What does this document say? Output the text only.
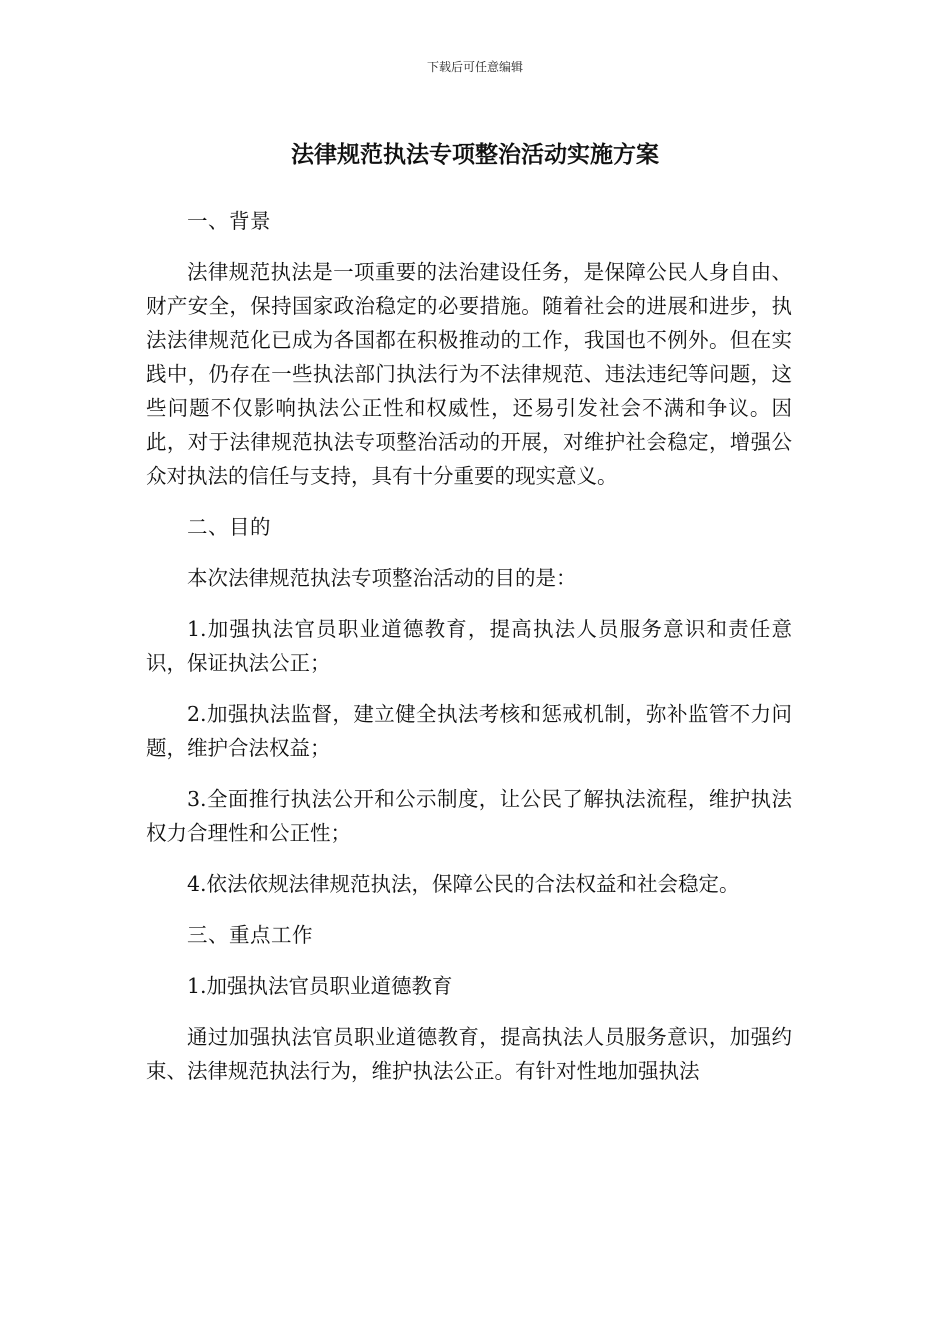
下载后可任意编辑
法律规范执法专项整治活动实施方案

一、背景

法律规范执法是一项重要的法治建设任务，是保障公民人身自由、财产安全，保持国家政治稳定的必要措施。随着社会的进展和进步，执法法律规范化已成为各国都在积极推动的工作，我国也不例外。但在实践中，仍存在一些执法部门执法行为不法律规范、违法违纪等问题，这些问题不仅影响执法公正性和权威性，还易引发社会不满和争议。因此，对于法律规范执法专项整治活动的开展，对维护社会稳定，增强公众对执法的信任与支持，具有十分重要的现实意义。

二、目的

本次法律规范执法专项整治活动的目的是：

1.加强执法官员职业道德教育，提高执法人员服务意识和责任意识，保证执法公正；

2.加强执法监督，建立健全执法考核和惩戒机制，弥补监管不力问题，维护合法权益；

3.全面推行执法公开和公示制度，让公民了解执法流程，维护执法权力合理性和公正性；

4.依法依规法律规范执法，保障公民的合法权益和社会稳定。

三、重点工作

1.加强执法官员职业道德教育

通过加强执法官员职业道德教育，提高执法人员服务意识，加强约束、法律规范执法行为，维护执法公正。有针对性地加强执法
